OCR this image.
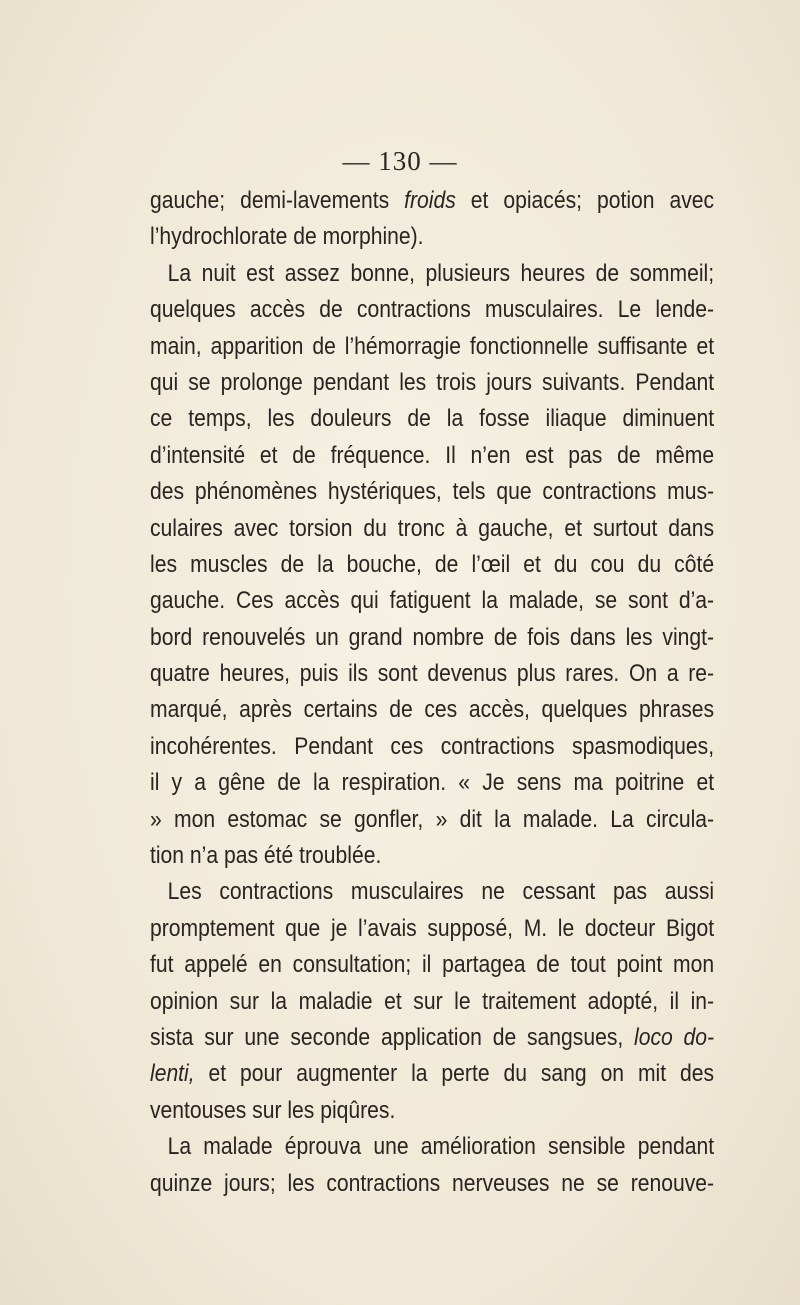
— 130 —
gauche; demi-lavements froids et opiacés; potion avec
l’hydrochlorate de morphine).
La nuit est assez bonne, plusieurs heures de sommeil;
quelques accès de contractions musculaires. Le lende-
main, apparition de l’hémorragie fonctionnelle suffisante et
qui se prolonge pendant les trois jours suivants. Pendant
ce temps, les douleurs de la fosse iliaque diminuent
d’intensité et de fréquence. Il n’en est pas de même
des phénomènes hystériques, tels que contractions mus-
culaires avec torsion du tronc à gauche, et surtout dans
les muscles de la bouche, de l’œil et du cou du côté
gauche. Ces accès qui fatiguent la malade, se sont d’a-
bord renouvelés un grand nombre de fois dans les vingt-
quatre heures, puis ils sont devenus plus rares. On a re-
marqué, après certains de ces accès, quelques phrases
incohérentes. Pendant ces contractions spasmodiques,
il y a gêne de la respiration. « Je sens ma poitrine et
» mon estomac se gonfler, » dit la malade. La circula-
tion n’a pas été troublée.
Les contractions musculaires ne cessant pas aussi
promptement que je l’avais supposé, M. le docteur Bigot
fut appelé en consultation; il partagea de tout point mon
opinion sur la maladie et sur le traitement adopté, il in-
sista sur une seconde application de sangsues, loco do-
lenti, et pour augmenter la perte du sang on mit des
ventouses sur les piqûres.
La malade éprouva une amélioration sensible pendant
quinze jours; les contractions nerveuses ne se renouve-
